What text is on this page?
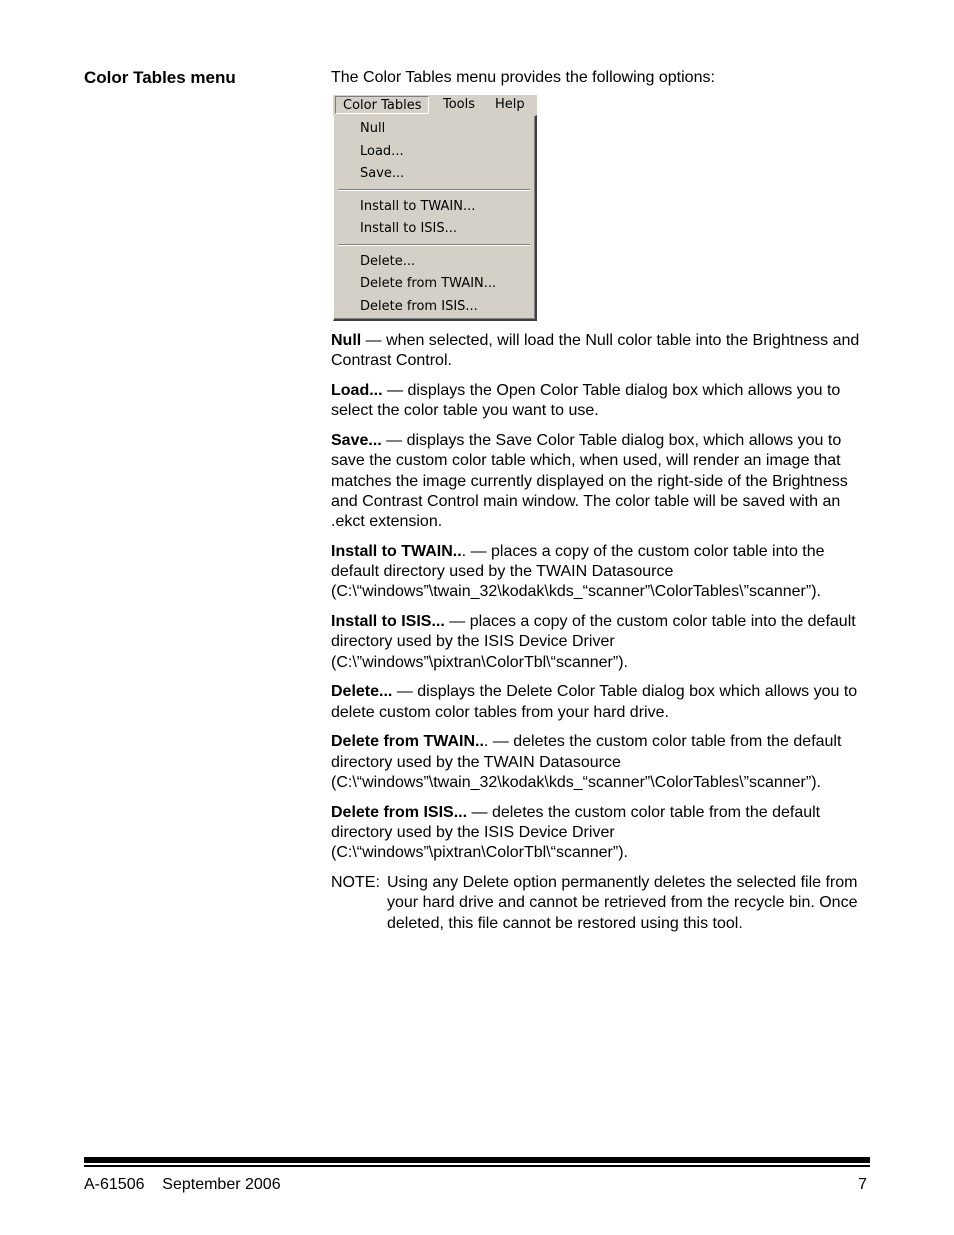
Color Tables menu	The Color Tables menu provides the following options:
Color Tables	Tools	Help
Null
Load...
Save...
Install to TWAIN...
Install to ISIS...
Delete...
Delete from TWAIN...
Delete from ISIS...

Null — when selected, will load the Null color table into the Brightness and Contrast Control.

Load... — displays the Open Color Table dialog box which allows you to select the color table you want to use.

Save... — displays the Save Color Table dialog box, which allows you to save the custom color table which, when used, will render an image that matches the image currently displayed on the right-side of the Brightness and Contrast Control main window. The color table will be saved with an .ekct extension.

Install to TWAIN... — places a copy of the custom color table into the default directory used by the TWAIN Datasource (C:\“windows”\twain_32\kodak\kds_“scanner”\ColorTables\”scanner”).

Install to ISIS... — places a copy of the custom color table into the default directory used by the ISIS Device Driver (C:\”windows”\pixtran\ColorTbl\“scanner”).

Delete... — displays the Delete Color Table dialog box which allows you to delete custom color tables from your hard drive.

Delete from TWAIN... — deletes the custom color table from the default directory used by the TWAIN Datasource (C:\“windows”\twain_32\kodak\kds_“scanner”\ColorTables\”scanner”).

Delete from ISIS... — deletes the custom color table from the default directory used by the ISIS Device Driver (C:\“windows”\pixtran\ColorTbl\“scanner”).

NOTE: Using any Delete option permanently deletes the selected file from your hard drive and cannot be retrieved from the recycle bin. Once deleted, this file cannot be restored using this tool.
A-61506 September 2006	7
